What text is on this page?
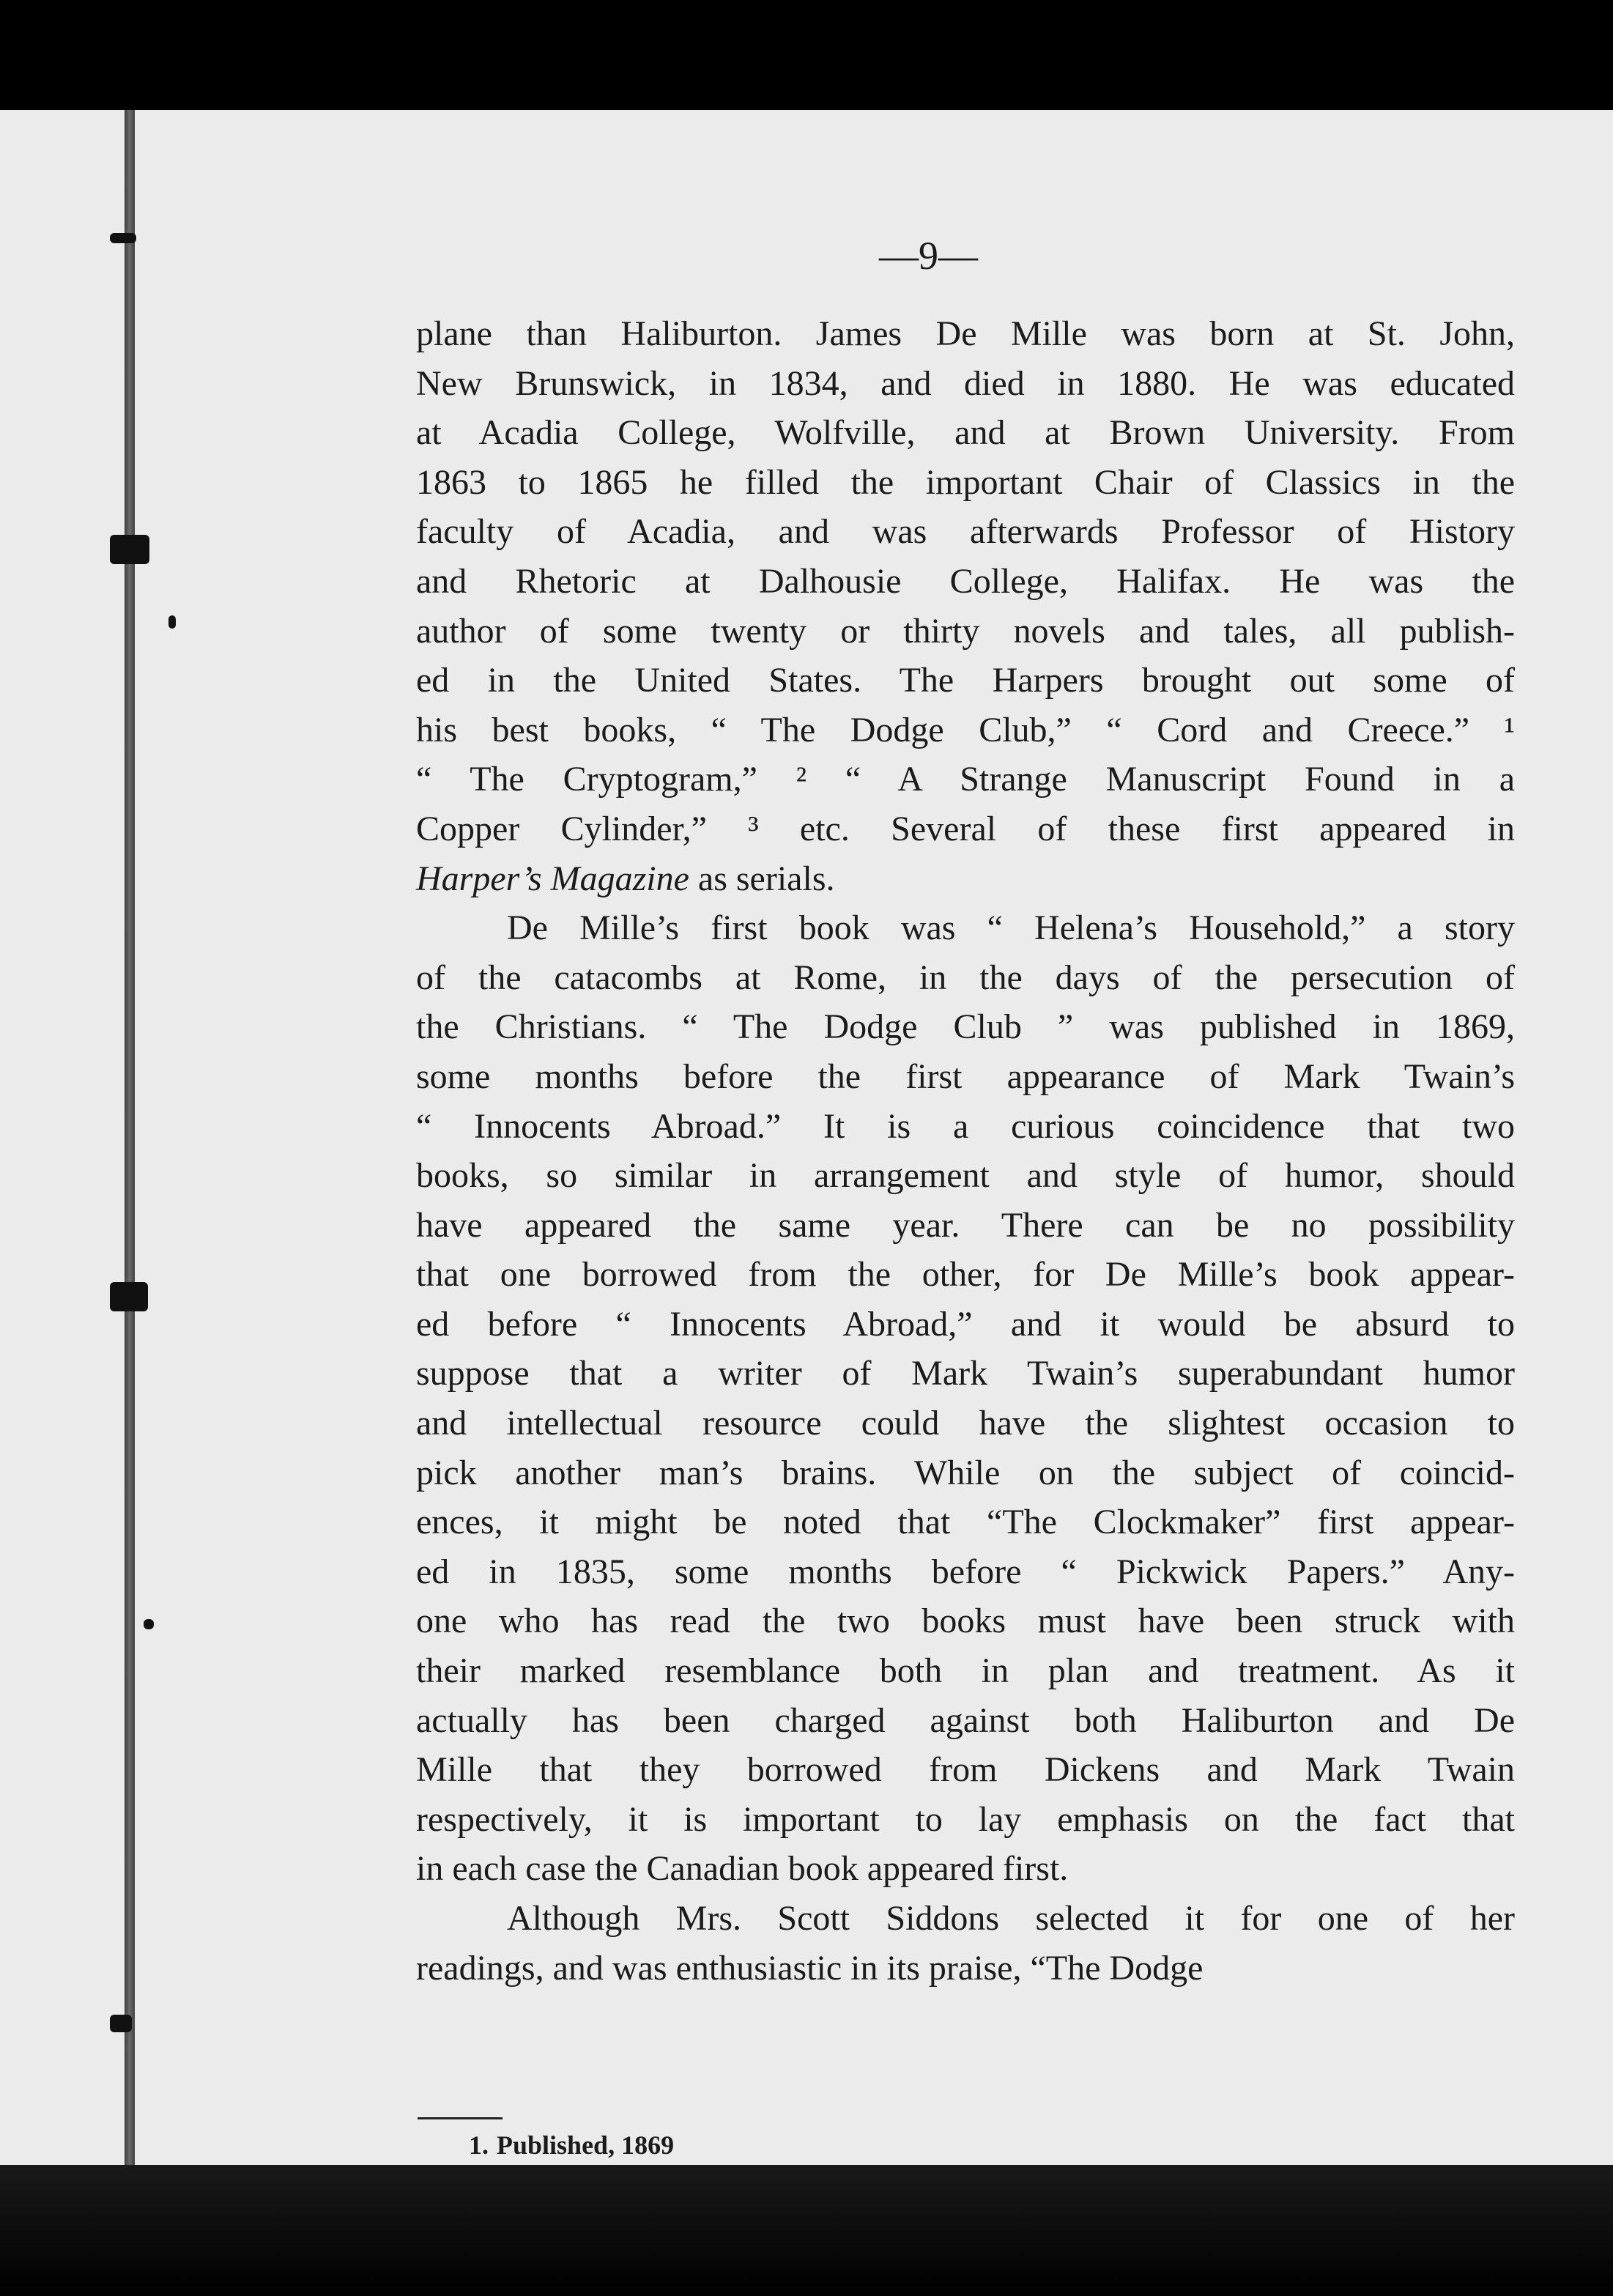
—9—
plane than Haliburton. James De Mille was born at St. John,
New Brunswick, in 1834, and died in 1880. He was educated
at Acadia College, Wolfville, and at Brown University. From
1863 to 1865 he filled the important Chair of Classics in the
faculty of Acadia, and was afterwards Professor of History
and Rhetoric at Dalhousie College, Halifax. He was the
author of some twenty or thirty novels and tales, all publish-
ed in the United States. The Harpers brought out some of
his best books, “ The Dodge Club,” “ Cord and Creece.” ¹
“ The Cryptogram,” ² “ A Strange Manuscript Found in a
Copper Cylinder,” ³ etc. Several of these first appeared in
Harper’s Magazine as serials.
De Mille’s first book was “ Helena’s Household,” a story
of the catacombs at Rome, in the days of the persecution of
the Christians. “ The Dodge Club ” was published in 1869,
some months before the first appearance of Mark Twain’s
“ Innocents Abroad.” It is a curious coincidence that two
books, so similar in arrangement and style of humor, should
have appeared the same year. There can be no possibility
that one borrowed from the other, for De Mille’s book appear-
ed before “ Innocents Abroad,” and it would be absurd to
suppose that a writer of Mark Twain’s superabundant humor
and intellectual resource could have the slightest occasion to
pick another man’s brains. While on the subject of coincid-
ences, it might be noted that “The Clockmaker” first appear-
ed in 1835, some months before “ Pickwick Papers.” Any-
one who has read the two books must have been struck with
their marked resemblance both in plan and treatment. As it
actually has been charged against both Haliburton and De
Mille that they borrowed from Dickens and Mark Twain
respectively, it is important to lay emphasis on the fact that
in each case the Canadian book appeared first.
Although Mrs. Scott Siddons selected it for one of her
readings, and was enthusiastic in its praise, “The Dodge
1. Published, 1869
